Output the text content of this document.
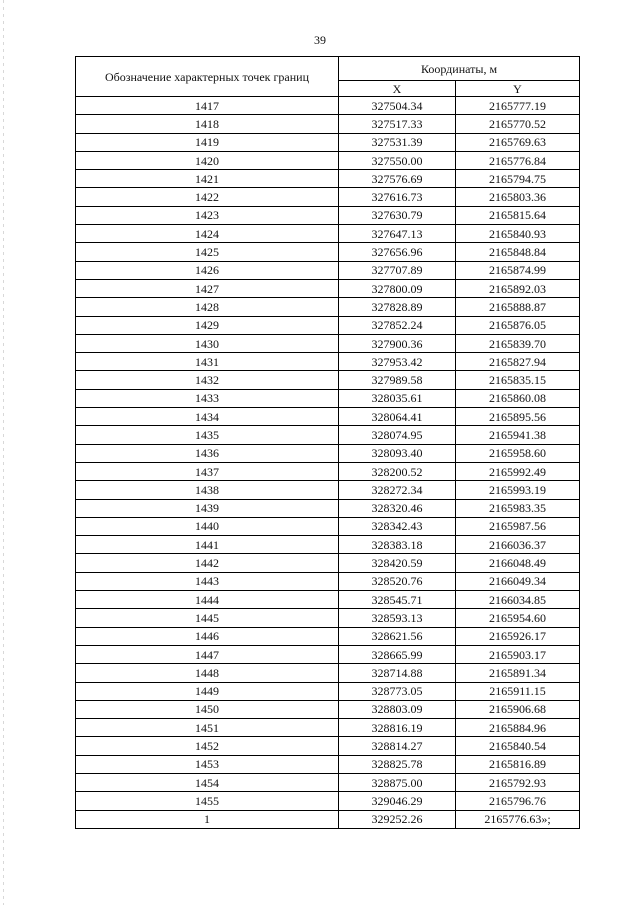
39
Обозначение характерных точек границ	Координаты, м	
	X	Y
1417	327504.34	2165777.19
1418	327517.33	2165770.52
1419	327531.39	2165769.63
1420	327550.00	2165776.84
1421	327576.69	2165794.75
1422	327616.73	2165803.36
1423	327630.79	2165815.64
1424	327647.13	2165840.93
1425	327656.96	2165848.84
1426	327707.89	2165874.99
1427	327800.09	2165892.03
1428	327828.89	2165888.87
1429	327852.24	2165876.05
1430	327900.36	2165839.70
1431	327953.42	2165827.94
1432	327989.58	2165835.15
1433	328035.61	2165860.08
1434	328064.41	2165895.56
1435	328074.95	2165941.38
1436	328093.40	2165958.60
1437	328200.52	2165992.49
1438	328272.34	2165993.19
1439	328320.46	2165983.35
1440	328342.43	2165987.56
1441	328383.18	2166036.37
1442	328420.59	2166048.49
1443	328520.76	2166049.34
1444	328545.71	2166034.85
1445	328593.13	2165954.60
1446	328621.56	2165926.17
1447	328665.99	2165903.17
1448	328714.88	2165891.34
1449	328773.05	2165911.15
1450	328803.09	2165906.68
1451	328816.19	2165884.96
1452	328814.27	2165840.54
1453	328825.78	2165816.89
1454	328875.00	2165792.93
1455	329046.29	2165796.76
1	329252.26	2165776.63»;
